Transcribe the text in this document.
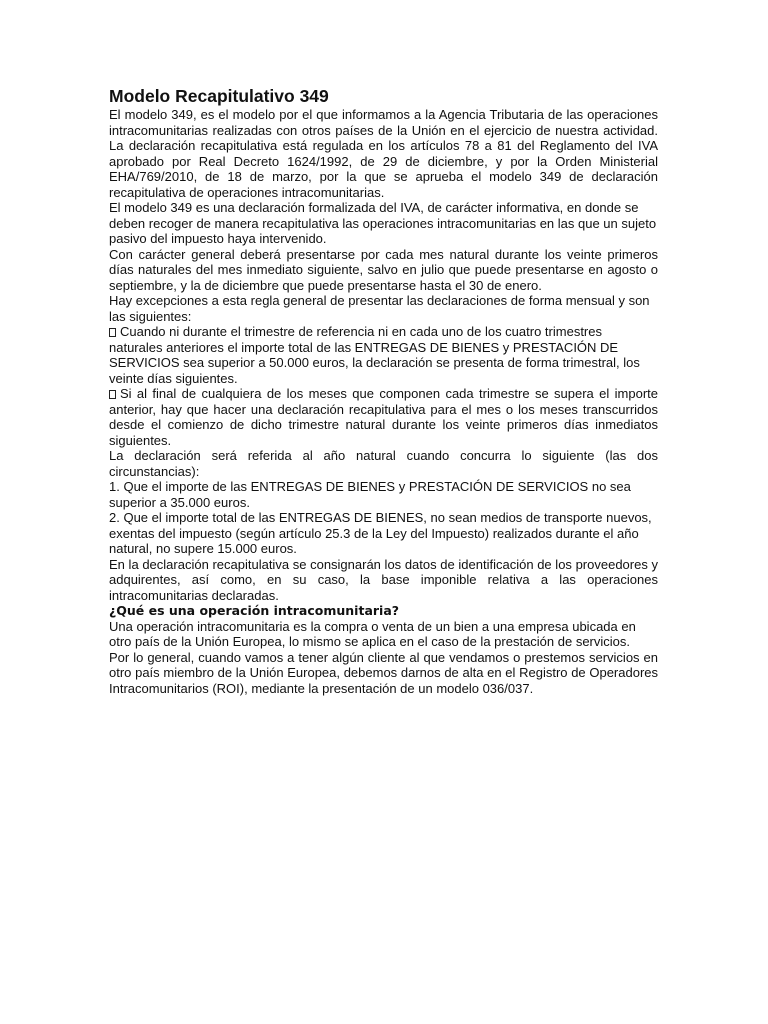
Modelo Recapitulativo 349

El modelo 349, es el modelo por el que informamos a la Agencia Tributaria de las operaciones intracomunitarias realizadas con otros países de la Unión en el ejercicio de nuestra actividad. La declaración recapitulativa está regulada en los artículos 78 a 81 del Reglamento del IVA aprobado por Real Decreto 1624/1992, de 29 de diciembre, y por la Orden Ministerial EHA/769/2010, de 18 de marzo, por la que se aprueba el modelo 349 de declaración recapitulativa de operaciones intracomunitarias.

El modelo 349 es una declaración formalizada del IVA, de carácter informativa, en donde se deben recoger de manera recapitulativa las operaciones intracomunitarias en las que un sujeto pasivo del impuesto haya intervenido.

Con carácter general deberá presentarse por cada mes natural durante los veinte primeros días naturales del mes inmediato siguiente, salvo en julio que puede presentarse en agosto o septiembre, y la de diciembre que puede presentarse hasta el 30 de enero.

Hay excepciones a esta regla general de presentar las declaraciones de forma mensual y son las siguientes:

Cuando ni durante el trimestre de referencia ni en cada uno de los cuatro trimestres naturales anteriores el importe total de las ENTREGAS DE BIENES y PRESTACIÓN DE SERVICIOS sea superior a 50.000 euros, la declaración se presenta de forma trimestral, los veinte días siguientes.

Si al final de cualquiera de los meses que componen cada trimestre se supera el importe anterior, hay que hacer una declaración recapitulativa para el mes o los meses transcurridos desde el comienzo de dicho trimestre natural durante los veinte primeros días inmediatos siguientes.

La declaración será referida al año natural cuando concurra lo siguiente (las dos circunstancias):

1. Que el importe de las ENTREGAS DE BIENES y PRESTACIÓN DE SERVICIOS no sea superior a 35.000 euros.

2. Que el importe total de las ENTREGAS DE BIENES, no sean medios de transporte nuevos, exentas del impuesto (según artículo 25.3 de la Ley del Impuesto) realizados durante el año natural, no supere 15.000 euros.

En la declaración recapitulativa se consignarán los datos de identificación de los proveedores y adquirentes, así como, en su caso, la base imponible relativa a las operaciones intracomunitarias declaradas.

¿Qué es una operación intracomunitaria?

Una operación intracomunitaria es la compra o venta de un bien a una empresa ubicada en otro país de la Unión Europea, lo mismo se aplica en el caso de la prestación de servicios.

Por lo general, cuando vamos a tener algún cliente al que vendamos o prestemos servicios en otro país miembro de la Unión Europea, debemos darnos de alta en el Registro de Operadores Intracomunitarios (ROI), mediante la presentación de un modelo 036/037.
